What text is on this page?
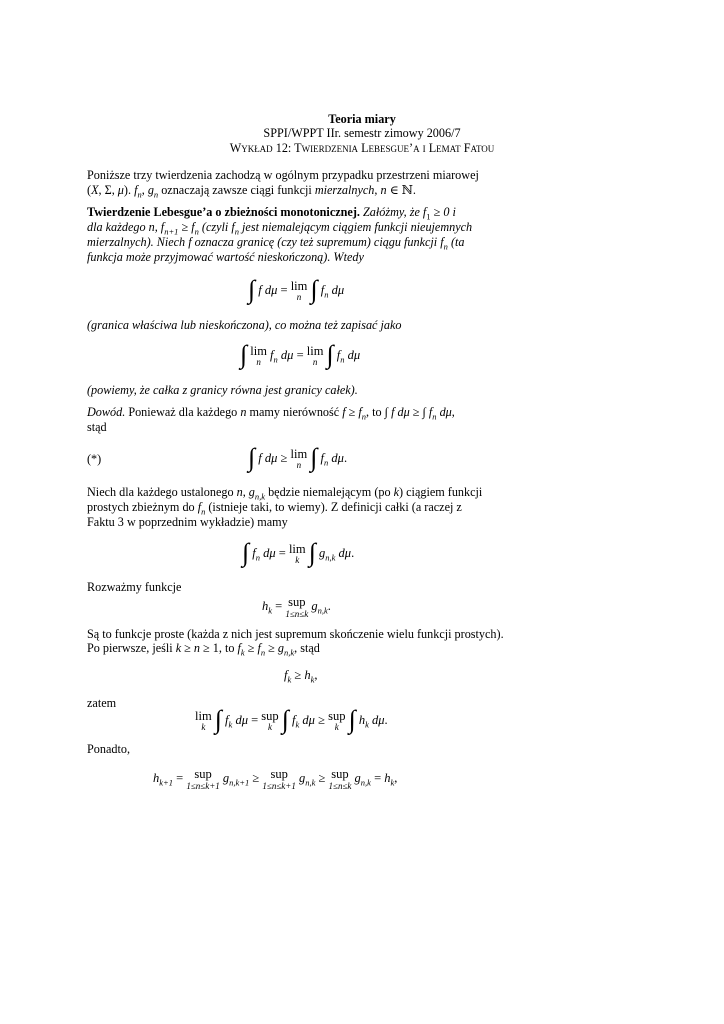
Teoria miary
SPPI/WPPT IIr. semestr zimowy 2006/7
Wykład 12: Twierdzenia Lebesgue’a i Lemat Fatou
Poniższe trzy twierdzenia zachodzą w ogólnym przypadku przestrzeni miarowej
(X, Σ, μ). $f_n$, $g_n$ oznaczają zawsze ciągi funkcji mierzalnych, n ∈ ℕ.
Twierdzenie Lebesgue’a o zbieżności monotonicznej. Załóżmy, że $f_1 \ge 0$ i
dla każdego n, $f_{n+1} \ge f_n$ (czyli $f_n$ jest niemalejącym ciągiem funkcji nieujemnych
mierzalnych). Niech f oznacza granicę (czy też supremum) ciągu funkcji $f_n$ (ta
funkcja może przyjmować wartość nieskończoną). Wtedy
∫ f dμ = lim
n ∫ $f_n$ dμ
(granica właściwa lub nieskończona), co można też zapisać jako
∫ lim
n
$f_n$ dμ = lim
n ∫ $f_n$ dμ
(powiemy, że całka z granicy równa jest granicy całek).
Dowód. Ponieważ dla każdego n mamy nierówność $f \ge f_n$, to ∫ f dμ ≥ ∫ $f_n$ dμ,
stąd
(*)	∫ f dμ ≥ lim
n ∫ $f_n$ dμ.
Niech dla każdego ustalonego n, $g_{n,k}$ będzie niemalejącym (po k) ciągiem funkcji
prostych zbieżnym do $f_n$ (istnieje taki, to wiemy). Z definicji całki (a raczej z
Faktu 3 w poprzednim wykładzie) mamy
∫ $f_n$ dμ = lim
k ∫ $g_{n,k}$ dμ.
Rozważmy funkcje
$h_k$ = sup
1≤n≤k
$g_{n,k}$.
Są to funkcje proste (każda z nich jest supremum skończenie wielu funkcji prostych).
Po pierwsze, jeśli k ≥ n ≥ 1, to $f_k \ge f_n \ge g_{n,k}$, stąd
$f_k \ge h_k$,
zatem
lim
k ∫ $f_k$ dμ = sup
k ∫ $f_k$ dμ ≥ sup
k ∫ $h_k$ dμ.
Ponadto,
$h_{k+1}$ = sup
1≤n≤k+1
$g_{n,k+1}$ ≥ sup
1≤n≤k+1
$g_{n,k}$ ≥ sup
1≤n≤k
$g_{n,k} = h_k$,
